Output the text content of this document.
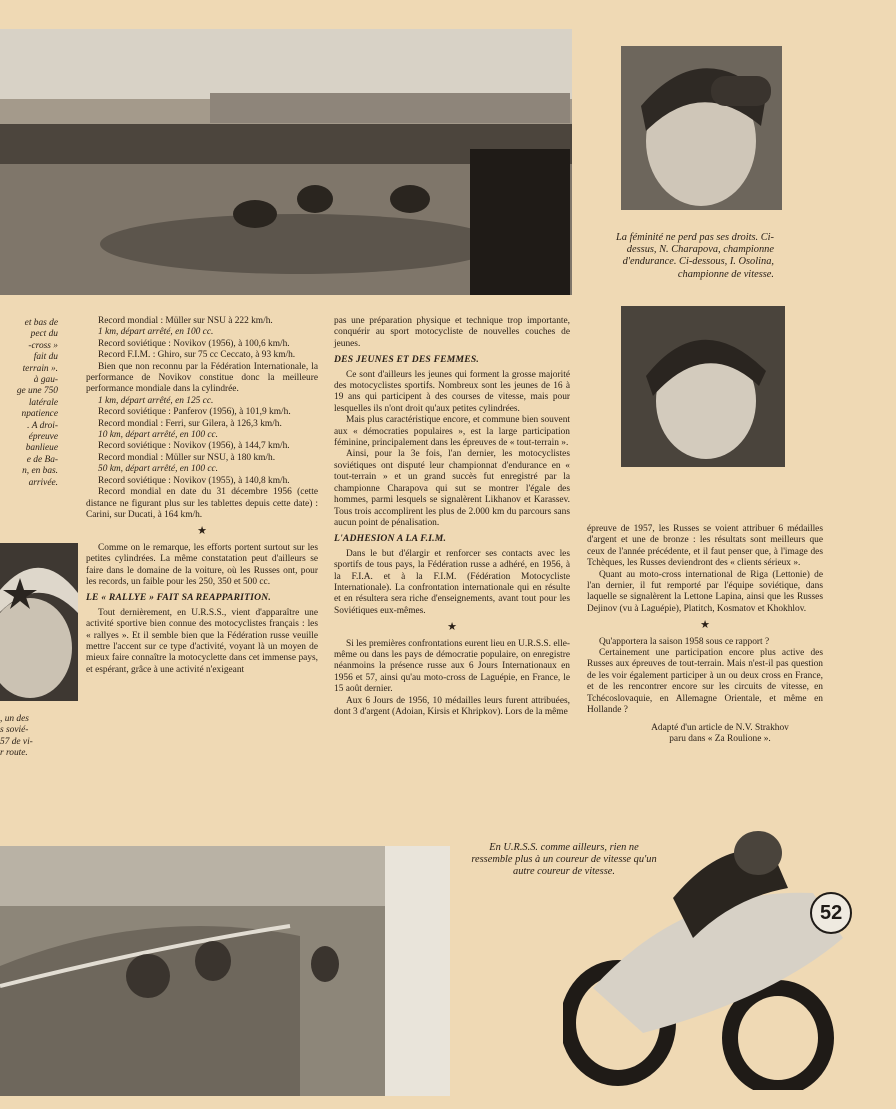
52
et bas de
pect du
-cross »
fait du
terrain ».
à gau-
ge une 750
latérale
npatience
. A droi-
épreuve
banlieue
e de Ba-
n, en bas.
arrivée.
, un des
s sovié-
57 de vi-
r route.
La féminité ne perd pas ses droits. Ci-dessus, N. Charapova, championne d'endurance. Ci-dessous, I. Osolina, championne de vitesse.
En U.R.S.S. comme ailleurs, rien ne ressemble plus à un coureur de vitesse qu'un autre coureur de vitesse.

Record mondial : Müller sur NSU à 222 km/h.

1 km, départ arrêté, en 100 cc.

Record soviétique : Novikov (1956), à 100,6 km/h.

Record F.I.M. : Ghiro, sur 75 cc Ceccato, à 93 km/h.

Bien que non reconnu par la Fédération Internationale, la performance de Novikov constitue donc la meilleure performance mondiale dans la cylindrée.

1 km, départ arrêté, en 125 cc.

Record soviétique : Panferov (1956), à 101,9 km/h.

Record mondial : Ferri, sur Gilera, à 126,3 km/h.

10 km, départ arrêté, en 100 cc.

Record soviétique : Novikov (1956), à 144,7 km/h.

Record mondial : Müller sur NSU, à 180 km/h.

50 km, départ arrêté, en 100 cc.

Record soviétique : Novikov (1955), à 140,8 km/h.

Record mondial en date du 31 décembre 1956 (cette distance ne figurant plus sur les tablettes depuis cette date) : Carini, sur Ducati, à 164 km/h.

★

Comme on le remarque, les efforts portent surtout sur les petites cylindrées. La même constatation peut d'ailleurs se faire dans le domaine de la voiture, où les Russes ont, pour les records, un faible pour les 250, 350 et 500 cc.

LE « RALLYE » FAIT SA REAPPARITION.

Tout dernièrement, en U.R.S.S., vient d'apparaître une activité sportive bien connue des motocyclistes français : les « rallyes ». Et il semble bien que la Fédération russe veuille mettre l'accent sur ce type d'activité, voyant là un moyen de mieux faire connaître la motocyclette dans cet immense pays, et espérant, grâce à une activité n'exigeant

pas une préparation physique et technique trop importante, conquérir au sport motocycliste de nouvelles couches de jeunes.

DES JEUNES ET DES FEMMES.

Ce sont d'ailleurs les jeunes qui forment la grosse majorité des motocyclistes sportifs. Nombreux sont les jeunes de 16 à 19 ans qui participent à des courses de vitesse, mais pour lesquelles ils n'ont droit qu'aux petites cylindrées.

Mais plus caractéristique encore, et commune bien souvent aux « démocraties populaires », est la large participation féminine, principalement dans les épreuves de « tout-terrain ».

Ainsi, pour la 3e fois, l'an dernier, les motocyclistes soviétiques ont disputé leur championnat d'endurance en « tout-terrain » et un grand succès fut enregistré par la championne Charapova qui sut se montrer l'égale des hommes, parmi lesquels se signalèrent Likhanov et Karassev. Tous trois accomplirent les plus de 2.000 km du parcours sans aucun point de pénalisation.

L'ADHESION A LA F.I.M.

Dans le but d'élargir et renforcer ses contacts avec les sportifs de tous pays, la Fédération russe a adhéré, en 1956, à la F.I.A. et à la F.I.M. (Fédération Motocycliste Internationale). La confrontation internationale qui en résulte et en résultera sera riche d'enseignements, avant tout pour les Soviétiques eux-mêmes.

★

Si les premières confrontations eurent lieu en U.R.S.S. elle-même ou dans les pays de démocratie populaire, on enregistre néanmoins la présence russe aux 6 Jours Internationaux en 1956 et 57, ainsi qu'au moto-cross de Laguépie, en France, le 15 août dernier.

Aux 6 Jours de 1956, 10 médailles leurs furent attribuées, dont 3 d'argent (Adoian, Kirsis et Khripkov). Lors de la même

épreuve de 1957, les Russes se voient attribuer 6 médailles d'argent et une de bronze : les résultats sont meilleurs que ceux de l'année précédente, et il faut penser que, à l'image des Tchèques, les Russes deviendront des « clients sérieux ».

Quant au moto-cross international de Riga (Lettonie) de l'an dernier, il fut remporté par l'équipe soviétique, dans laquelle se signalèrent la Lettone Lapina, ainsi que les Russes Dejinov (vu à Laguépie), Platitch, Kosmatov et Khokhlov.

★

Qu'apportera la saison 1958 sous ce rapport ?

Certainement une participation encore plus active des Russes aux épreuves de tout-terrain. Mais n'est-il pas question de les voir également participer à un ou deux cross en France, et de les rencontrer encore sur les circuits de vitesse, en Tchécoslovaquie, en Allemagne Orientale, et même en Hollande ?

Adapté d'un article de N.V. Strakhov paru dans « Za Roulione ».
